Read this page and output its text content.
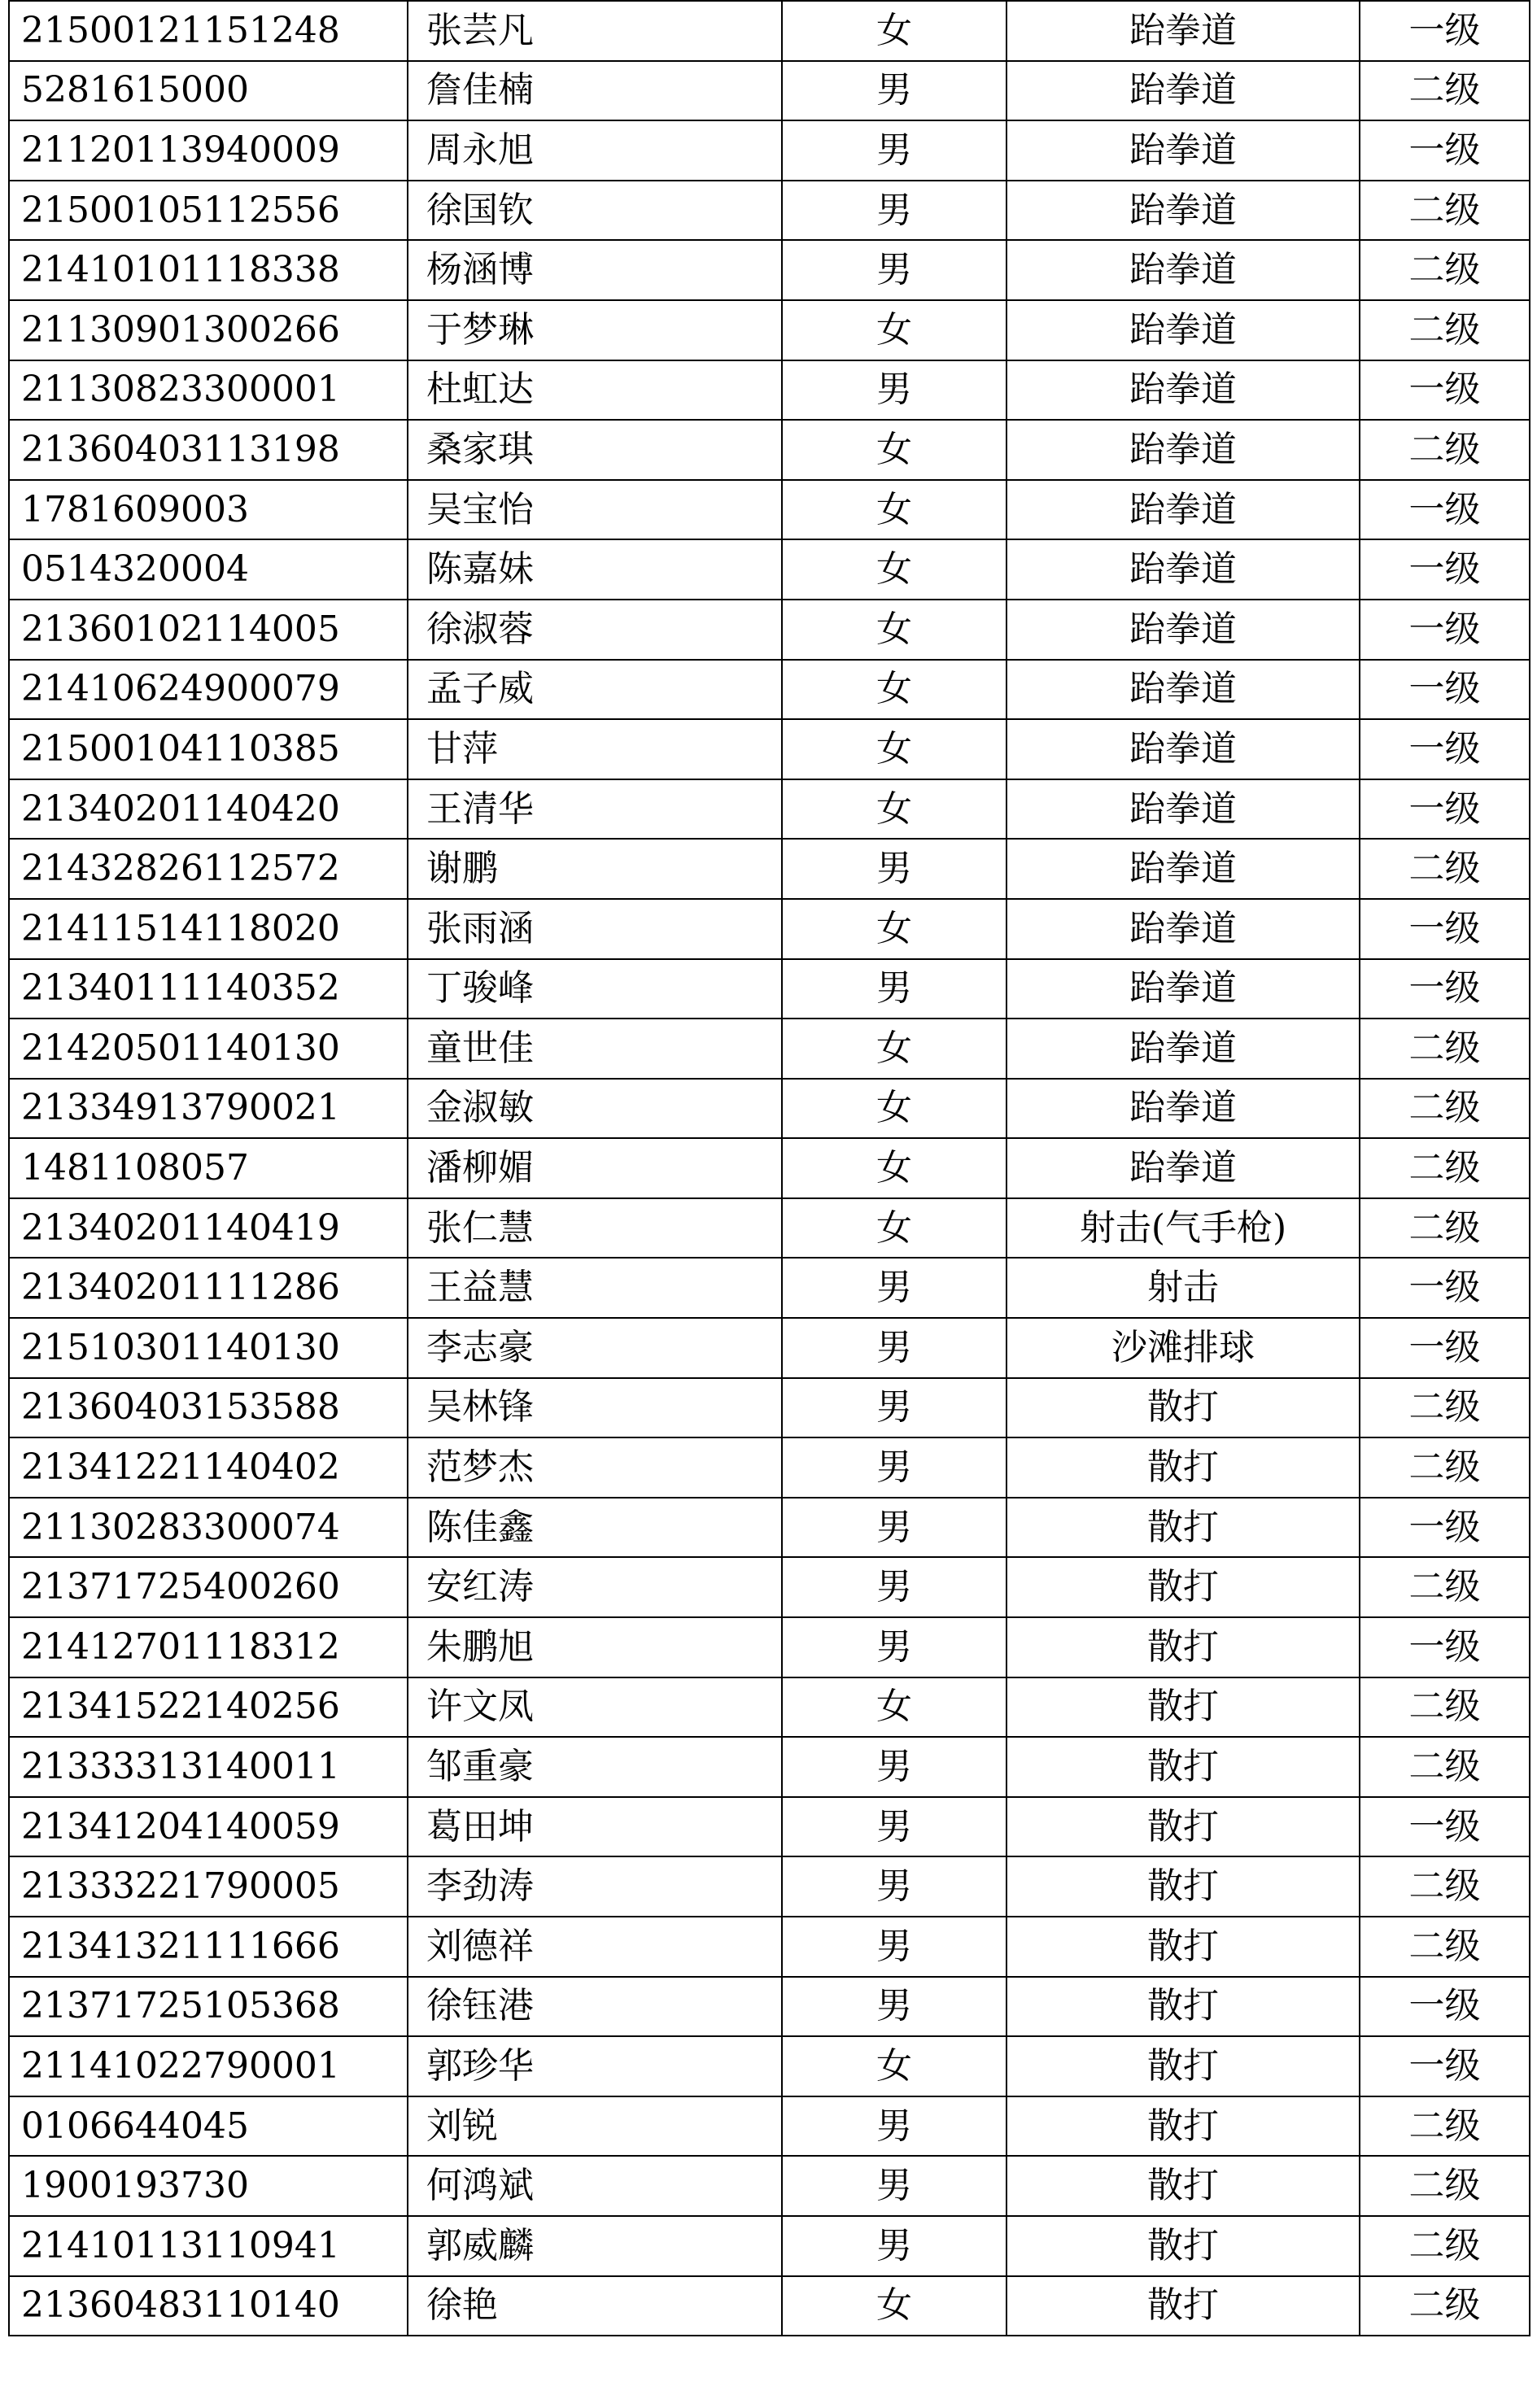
21500121151248	张芸凡	女	跆拳道	一级
5281615000	詹佳楠	男	跆拳道	二级
21120113940009	周永旭	男	跆拳道	一级
21500105112556	徐国钦	男	跆拳道	二级
21410101118338	杨涵博	男	跆拳道	二级
21130901300266	于梦琳	女	跆拳道	二级
21130823300001	杜虹达	男	跆拳道	一级
21360403113198	桑家琪	女	跆拳道	二级
1781609003	吴宝怡	女	跆拳道	一级
0514320004	陈嘉妹	女	跆拳道	一级
21360102114005	徐淑蓉	女	跆拳道	一级
21410624900079	孟子威	女	跆拳道	一级
21500104110385	甘萍	女	跆拳道	一级
21340201140420	王清华	女	跆拳道	一级
21432826112572	谢鹏	男	跆拳道	二级
21411514118020	张雨涵	女	跆拳道	一级
21340111140352	丁骏峰	男	跆拳道	一级
21420501140130	童世佳	女	跆拳道	二级
21334913790021	金淑敏	女	跆拳道	二级
1481108057	潘柳媚	女	跆拳道	二级
21340201140419	张仁慧	女	射击(气手枪)	二级
21340201111286	王益慧	男	射击	一级
21510301140130	李志豪	男	沙滩排球	一级
21360403153588	吴林锋	男	散打	二级
21341221140402	范梦杰	男	散打	二级
21130283300074	陈佳鑫	男	散打	一级
21371725400260	安红涛	男	散打	二级
21412701118312	朱鹏旭	男	散打	一级
21341522140256	许文凤	女	散打	二级
21333313140011	邹重豪	男	散打	二级
21341204140059	葛田坤	男	散打	一级
21333221790005	李劲涛	男	散打	二级
21341321111666	刘德祥	男	散打	二级
21371725105368	徐钰港	男	散打	一级
21141022790001	郭珍华	女	散打	一级
0106644045	刘锐	男	散打	二级
1900193730	何鸿斌	男	散打	二级
21410113110941	郭威麟	男	散打	二级
21360483110140	徐艳	女	散打	二级
